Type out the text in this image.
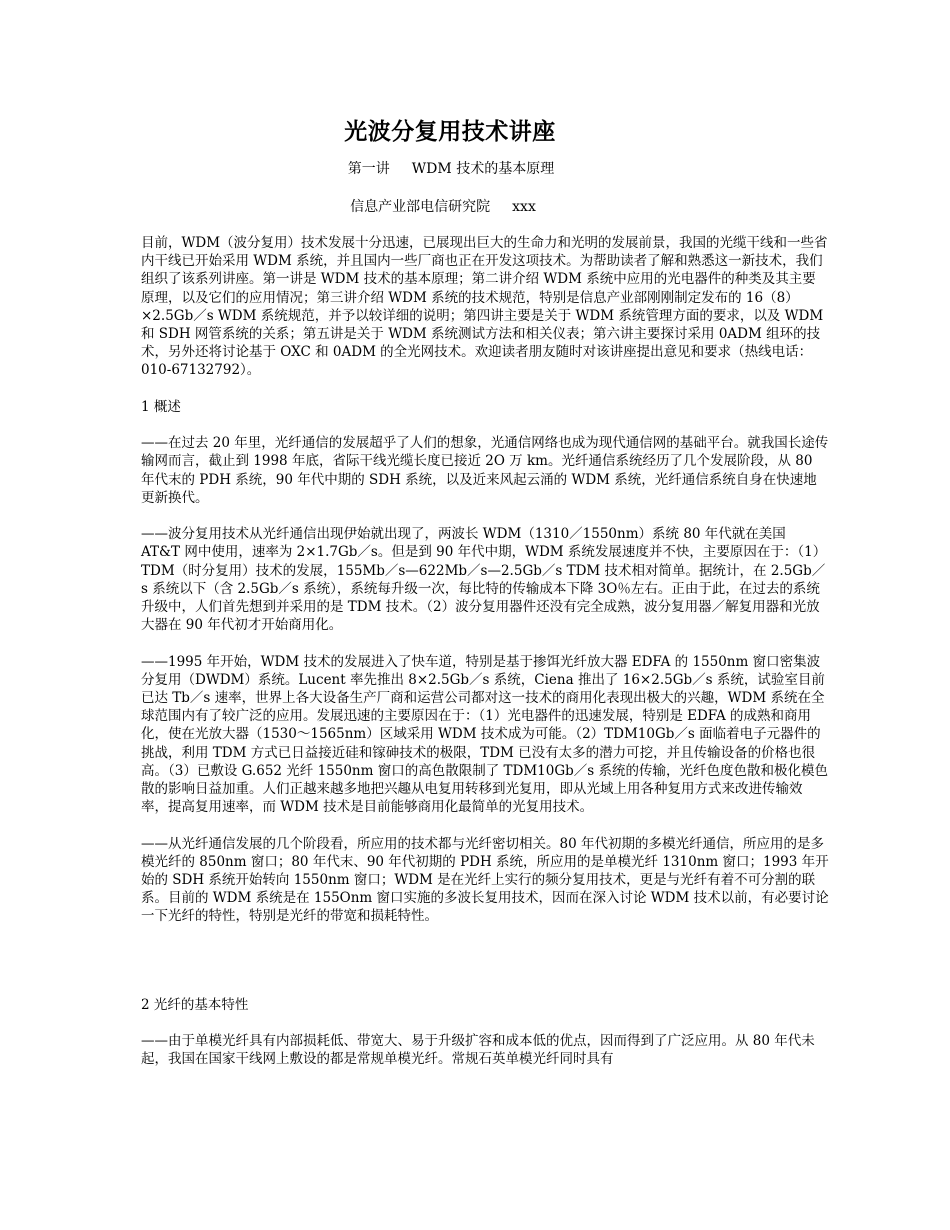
光波分复用技术讲座
第一讲 WDM 技术的基本原理
信息产业部电信研究院 xxx

目前，WDM（波分复用）技术发展十分迅速，已展现出巨大的生命力和光明的发展前景，我国的光缆干线和一些省内干线已开始采用 WDM 系统，并且国内一些厂商也正在开发这项技术。为帮助读者了解和熟悉这一新技术，我们组织了该系列讲座。第一讲是 WDM 技术的基本原理；第二讲介绍 WDM 系统中应用的光电器件的种类及其主要原理，以及它们的应用情况；第三讲介绍 WDM 系统的技术规范，特别是信息产业部刚刚制定发布的 16（8）×2.5Gb／s WDM 系统规范，并予以较详细的说明；第四讲主要是关于 WDM 系统管理方面的要求，以及 WDM 和 SDH 网管系统的关系；第五讲是关于 WDM 系统测试方法和相关仪表；第六讲主要探讨采用 0ADM 组环的技术，另外还将讨论基于 OXC 和 0ADM 的全光网技术。欢迎读者朋友随时对该讲座提出意见和要求（热线电话：010-67132792）。

1 概述

——在过去 20 年里，光纤通信的发展超乎了人们的想象，光通信网络也成为现代通信网的基础平台。就我国长途传输网而言，截止到 1998 年底，省际干线光缆长度已接近 2O 万 km。光纤通信系统经历了几个发展阶段，从 80 年代末的 PDH 系统，90 年代中期的 SDH 系统，以及近来风起云涌的 WDM 系统，光纤通信系统自身在快速地更新换代。

——波分复用技术从光纤通信出现伊始就出现了，两波长 WDM（1310／1550nm）系统 80 年代就在美国 AT&T 网中使用，速率为 2×1.7Gb／s。但是到 90 年代中期，WDM 系统发展速度并不快，主要原因在于：（1）TDM（时分复用）技术的发展，155Mb／s—622Mb／s—2.5Gb／s TDM 技术相对简单。据统计，在 2.5Gb／s 系统以下（含 2.5Gb／s 系统），系统每升级一次，每比特的传输成本下降 3O％左右。正由于此，在过去的系统升级中，人们首先想到并采用的是 TDM 技术。（2）波分复用器件还没有完全成熟，波分复用器／解复用器和光放大器在 90 年代初才开始商用化。

——1995 年开始，WDM 技术的发展进入了快车道，特别是基于掺饵光纤放大器 EDFA 的 1550nm 窗口密集波分复用（DWDM）系统。Lucent 率先推出 8×2.5Gb／s 系统，Ciena 推出了 16×2.5Gb／s 系统，试验室目前已达 Tb／s 速率，世界上各大设备生产厂商和运营公司都对这一技术的商用化表现出极大的兴趣，WDM 系统在全球范围内有了较广泛的应用。发展迅速的主要原因在于：（1）光电器件的迅速发展，特别是 EDFA 的成熟和商用化，使在光放大器（1530～1565nm）区域采用 WDM 技术成为可能。（2）TDM10Gb／s 面临着电子元器件的挑战，利用 TDM 方式已日益接近硅和镓砷技术的极限，TDM 已没有太多的潜力可挖，并且传输设备的价格也很高。（3）已敷设 G.652 光纤 1550nm 窗口的高色散限制了 TDM10Gb／s 系统的传输，光纤色度色散和极化模色散的影响日益加重。人们正越来越多地把兴趣从电复用转移到光复用，即从光域上用各种复用方式来改进传输效率，提高复用速率，而 WDM 技术是目前能够商用化最简单的光复用技术。

——从光纤通信发展的几个阶段看，所应用的技术都与光纤密切相关。80 年代初期的多模光纤通信，所应用的是多模光纤的 850nm 窗口；80 年代末、90 年代初期的 PDH 系统，所应用的是单模光纤 1310nm 窗口；1993 年开始的 SDH 系统开始转向 1550nm 窗口；WDM 是在光纤上实行的频分复用技术，更是与光纤有着不可分割的联系。目前的 WDM 系统是在 155Onm 窗口实施的多波长复用技术，因而在深入讨论 WDM 技术以前，有必要讨论一下光纤的特性，特别是光纤的带宽和损耗特性。

2 光纤的基本特性

——由于单模光纤具有内部损耗低、带宽大、易于升级扩容和成本低的优点，因而得到了广泛应用。从 80 年代未起，我国在国家干线网上敷设的都是常规单模光纤。常规石英单模光纤同时具有
